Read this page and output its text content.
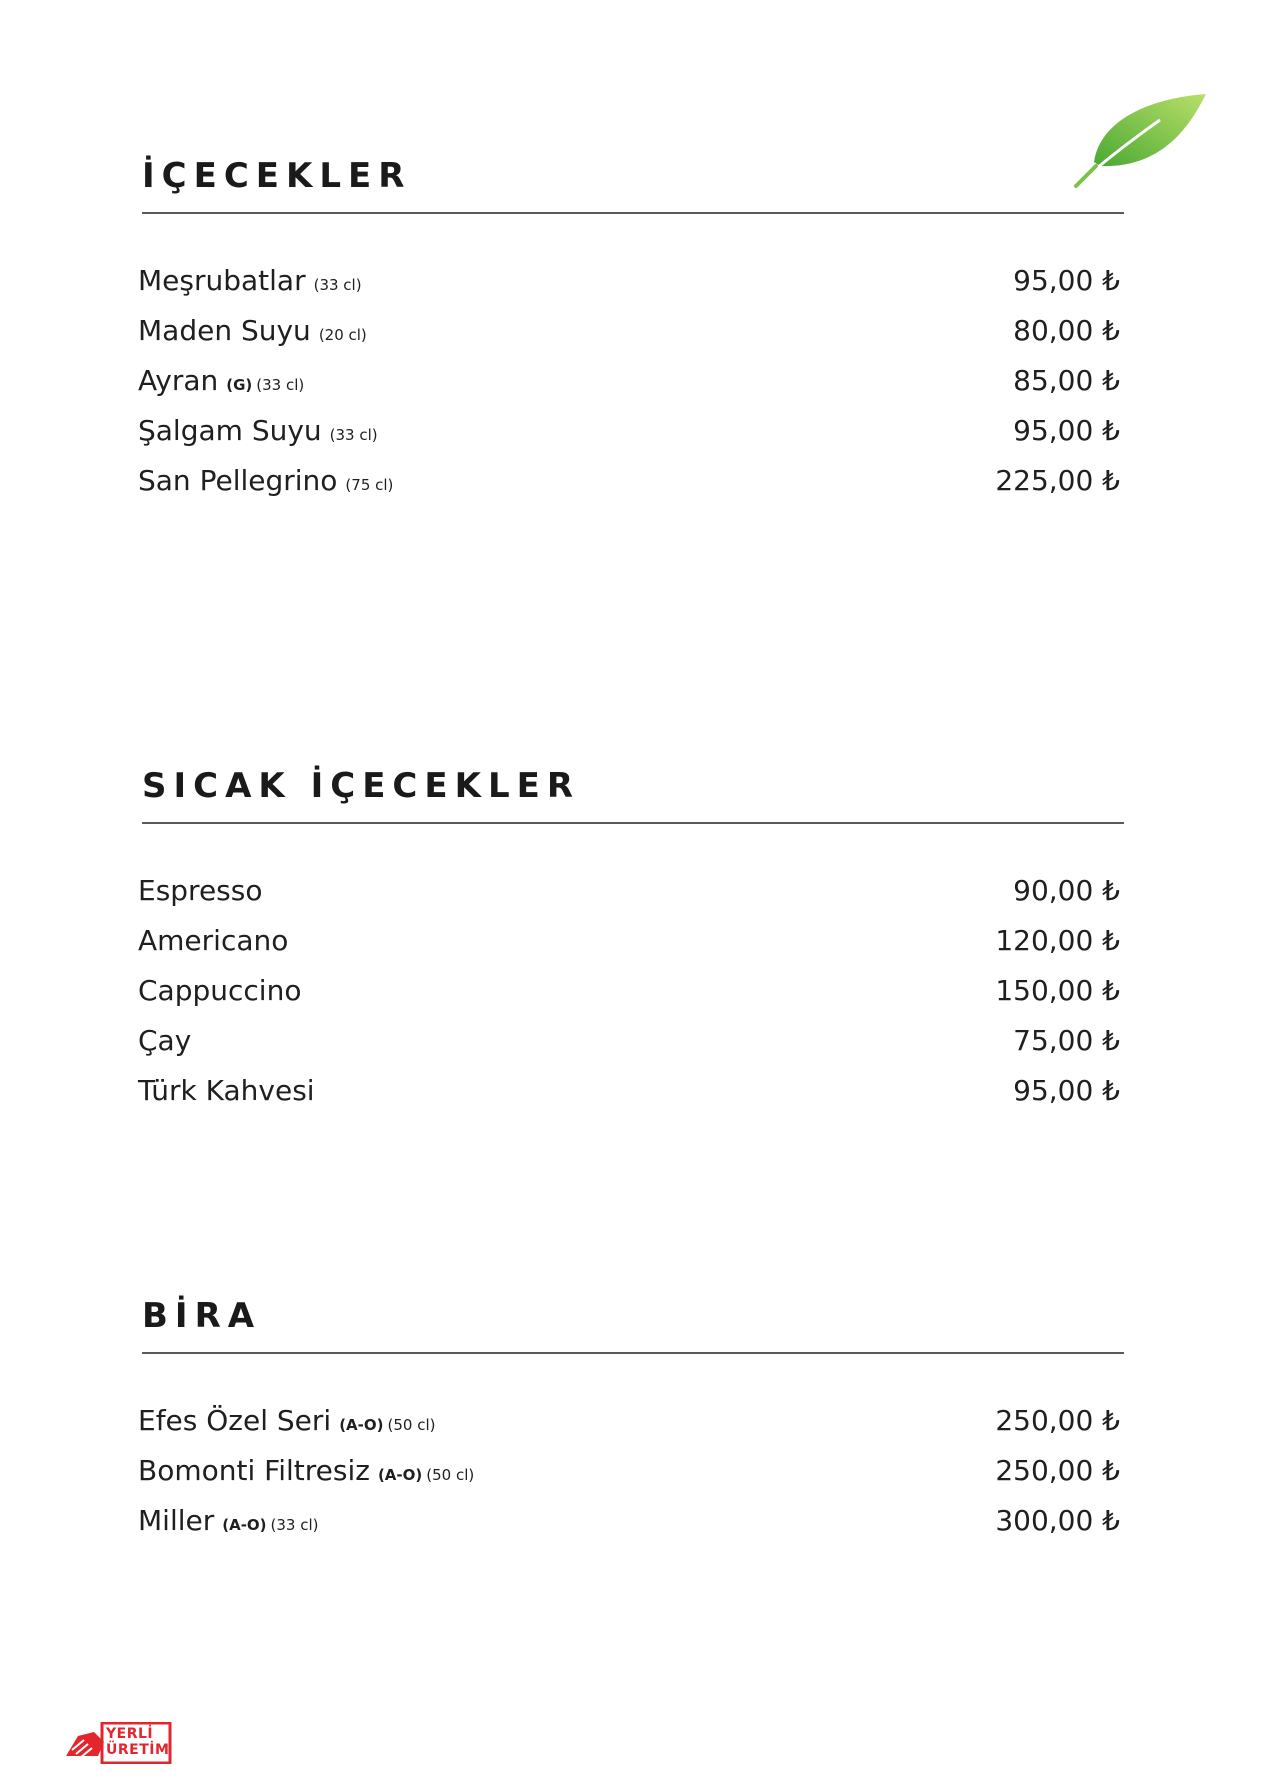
İÇECEKLER
Meşrubatlar (33 cl)	95,00 ₺
Maden Suyu (20 cl)	80,00 ₺
Ayran (G) (33 cl)	85,00 ₺
Şalgam Suyu (33 cl)	95,00 ₺
San Pellegrino (75 cl)	225,00 ₺
SICAK İÇECEKLER
Espresso	90,00 ₺
Americano	120,00 ₺
Cappuccino	150,00 ₺
Çay	75,00 ₺
Türk Kahvesi	95,00 ₺
BİRA
Efes Özel Seri (A-O) (50 cl)	250,00 ₺
Bomonti Filtresiz (A-O) (50 cl)	250,00 ₺
Miller (A-O) (33 cl)	300,00 ₺
YERLİ
ÜRETİM
